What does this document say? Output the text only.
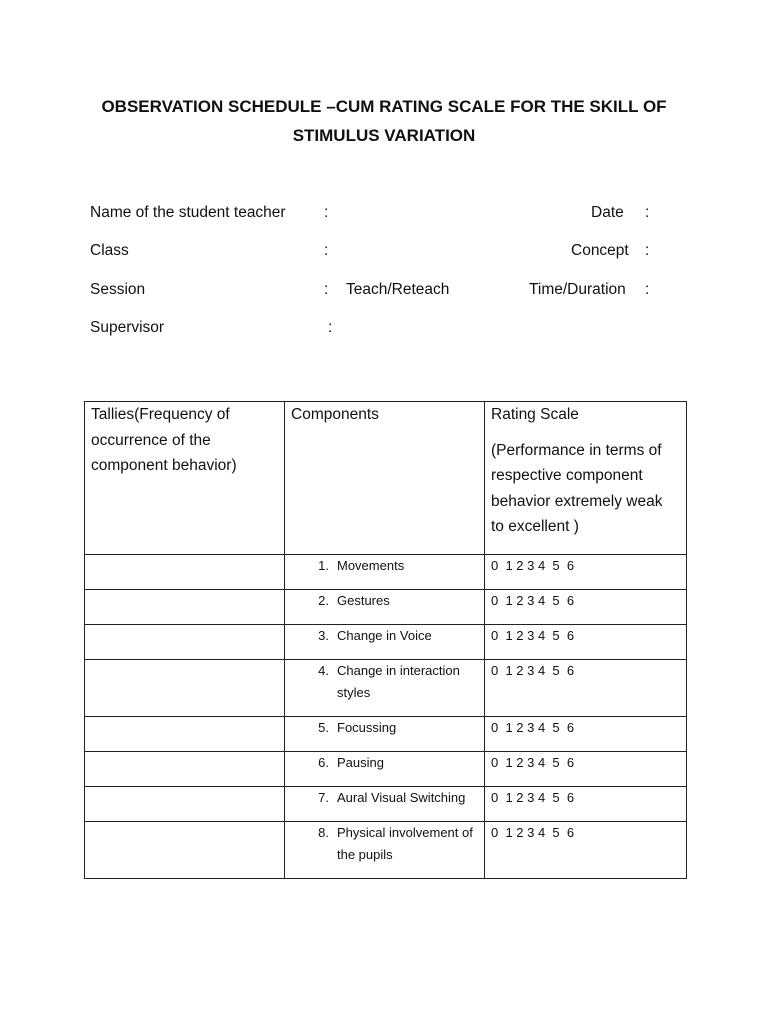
OBSERVATION SCHEDULE –CUM RATING SCALE FOR THE SKILL OF
STIMULUS VARIATION
Name of the student teacher :	Date :
Class	:	Concept :
Session	: Teach/Reteach	Time/Duration :
Supervisor	:
Tallies(Frequency of
occurrence of the
component behavior)	Components	Rating Scale
(Performance in terms of
respective component
behavior extremely weak
to excellent )

	1. Movements	0  1 2 3 4  5  6

	2. Gestures	0  1 2 3 4  5  6

	3. Change in Voice	0  1 2 3 4  5  6

	4. Change in interaction styles	0  1 2 3 4  5  6

	5. Focussing	0  1 2 3 4  5  6

	6. Pausing	0  1 2 3 4  5  6

	7. Aural Visual Switching	0  1 2 3 4  5  6

	8. Physical involvement of the pupils	0  1 2 3 4  5  6
